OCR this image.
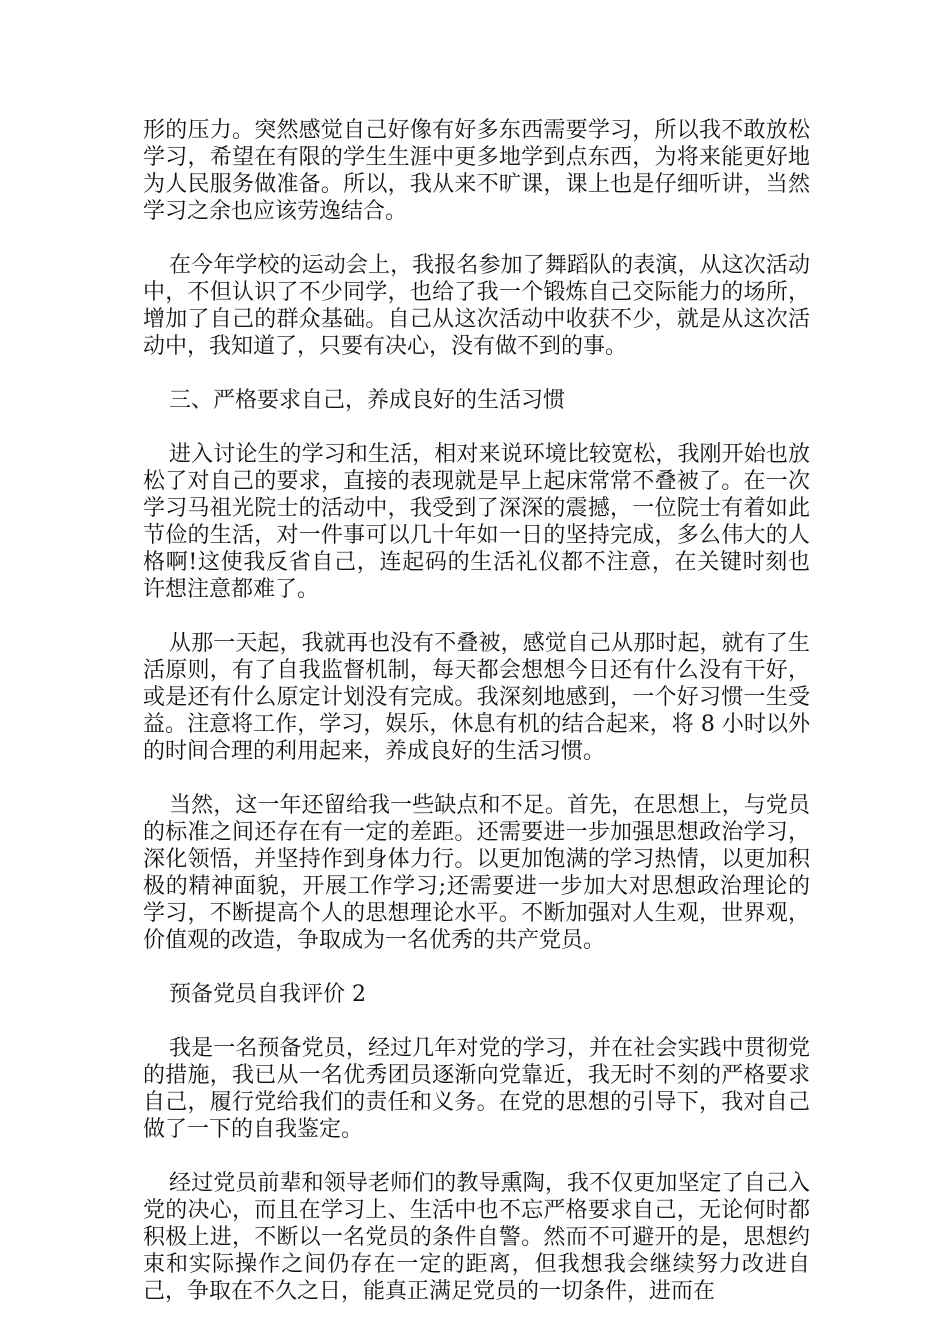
形的压力。突然感觉自己好像有好多东西需要学习，所以我不敢放松学习，希望在有限的学生生涯中更多地学到点东西，为将来能更好地为人民服务做准备。所以，我从来不旷课，课上也是仔细听讲，当然学习之余也应该劳逸结合。

在今年学校的运动会上，我报名参加了舞蹈队的表演，从这次活动中，不但认识了不少同学，也给了我一个锻炼自己交际能力的场所，增加了自己的群众基础。自己从这次活动中收获不少，就是从这次活动中，我知道了，只要有决心，没有做不到的事。

三、严格要求自己，养成良好的生活习惯

进入讨论生的学习和生活，相对来说环境比较宽松，我刚开始也放松了对自己的要求，直接的表现就是早上起床常常不叠被了。在一次学习马祖光院士的活动中，我受到了深深的震撼，一位院士有着如此节俭的生活，对一件事可以几十年如一日的坚持完成，多么伟大的人格啊!这使我反省自己，连起码的生活礼仪都不注意，在关键时刻也许想注意都难了。

从那一天起，我就再也没有不叠被，感觉自己从那时起，就有了生活原则，有了自我监督机制，每天都会想想今日还有什么没有干好，或是还有什么原定计划没有完成。我深刻地感到，一个好习惯一生受益。注意将工作，学习，娱乐，休息有机的结合起来，将 8 小时以外的时间合理的利用起来，养成良好的生活习惯。

当然，这一年还留给我一些缺点和不足。首先，在思想上，与党员的标准之间还存在有一定的差距。还需要进一步加强思想政治学习，深化领悟，并坚持作到身体力行。以更加饱满的学习热情，以更加积极的精神面貌，开展工作学习;还需要进一步加大对思想政治理论的学习，不断提高个人的思想理论水平。不断加强对人生观，世界观，价值观的改造，争取成为一名优秀的共产党员。

预备党员自我评价 2

我是一名预备党员，经过几年对党的学习，并在社会实践中贯彻党的措施，我已从一名优秀团员逐渐向党靠近，我无时不刻的严格要求自己，履行党给我们的责任和义务。在党的思想的引导下，我对自己做了一下的自我鉴定。

经过党员前辈和领导老师们的教导熏陶，我不仅更加坚定了自己入党的决心，而且在学习上、生活中也不忘严格要求自己，无论何时都积极上进，不断以一名党员的条件自警。然而不可避开的是，思想约束和实际操作之间仍存在一定的距离，但我想我会继续努力改进自己，争取在不久之日，能真正满足党员的一切条件，进而在
